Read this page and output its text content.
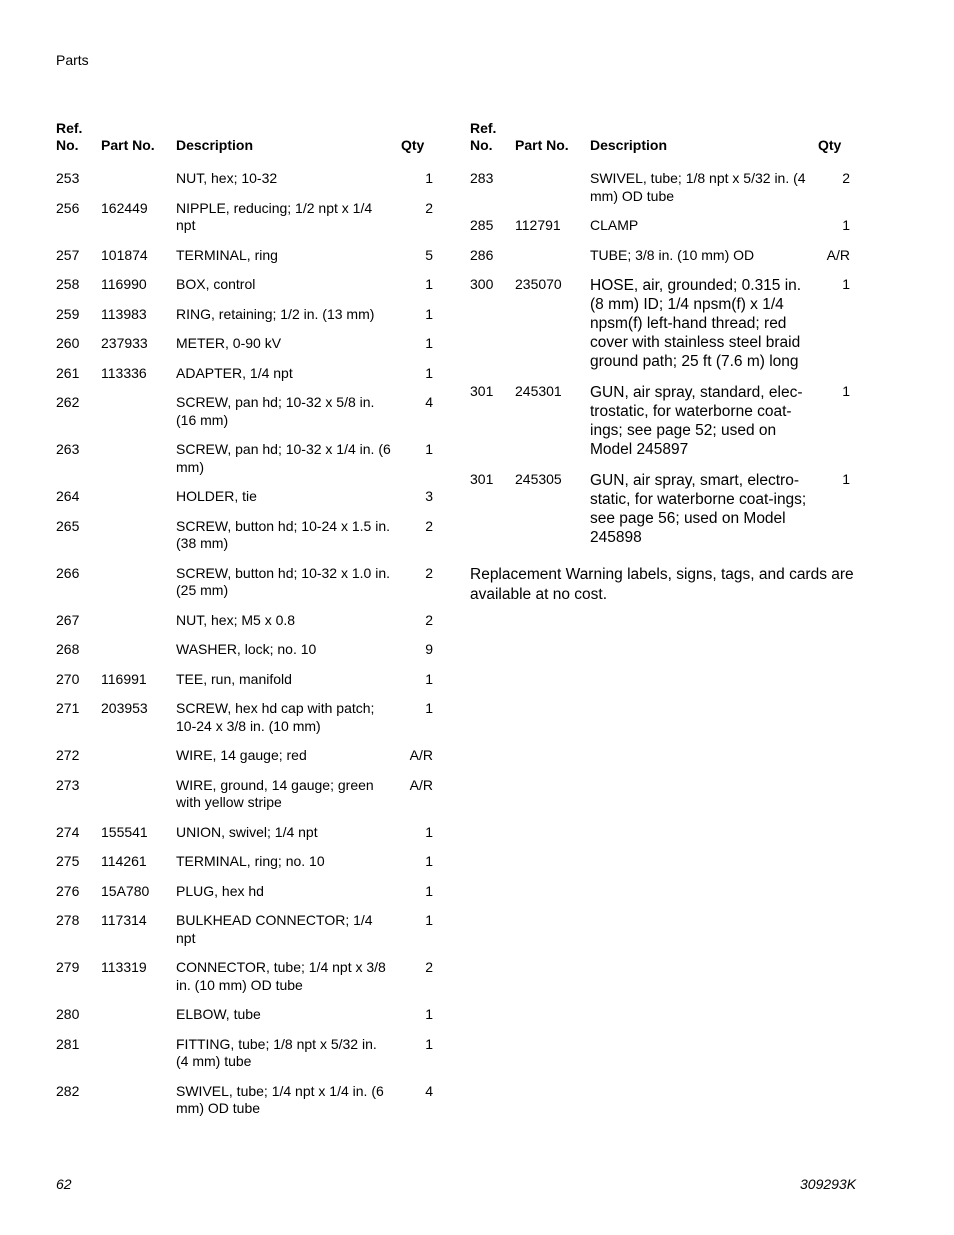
Parts
Ref. No.	Part No.	Description	Qty
253		NUT, hex; 10-32	1
256	162449	NIPPLE, reducing; 1/2 npt x 1/4 npt	2
257	101874	TERMINAL, ring	5
258	116990	BOX, control	1
259	113983	RING, retaining; 1/2 in. (13 mm)	1
260	237933	METER, 0-90 kV	1
261	113336	ADAPTER, 1/4 npt	1
262		SCREW, pan hd; 10-32 x 5/8 in. (16 mm)	4
263		SCREW, pan hd; 10-32 x 1/4 in. (6 mm)	1
264		HOLDER, tie	3
265		SCREW, button hd; 10-24 x 1.5 in. (38 mm)	2
266		SCREW, button hd; 10-32 x 1.0 in. (25 mm)	2
267		NUT, hex; M5 x 0.8	2
268		WASHER, lock; no. 10	9
270	116991	TEE, run, manifold	1
271	203953	SCREW, hex hd cap with patch; 10-24 x 3/8 in. (10 mm)	1
272		WIRE, 14 gauge; red	A/R
273		WIRE, ground, 14 gauge; green with yellow stripe	A/R
274	155541	UNION, swivel; 1/4 npt	1
275	114261	TERMINAL, ring; no. 10	1
276	15A780	PLUG, hex hd	1
278	117314	BULKHEAD CONNECTOR; 1/4 npt	1
279	113319	CONNECTOR, tube; 1/4 npt x 3/8 in. (10 mm) OD tube	2
280		ELBOW, tube	1
281		FITTING, tube; 1/8 npt x 5/32 in. (4 mm) tube	1
282		SWIVEL, tube; 1/4 npt x 1/4 in. (6 mm) OD tube	4
Ref. No.	Part No.	Description	Qty
283		SWIVEL, tube; 1/8 npt x 5/32 in. (4 mm) OD tube	2
285	112791	CLAMP	1
286		TUBE; 3/8 in. (10 mm) OD	A/R
300	235070	HOSE, air, grounded; 0.315 in. (8 mm) ID; 1/4 npsm(f) x 1/4 npsm(f) left-hand thread; red cover with stainless steel braid ground path; 25 ft (7.6 m) long	1
301	245301	GUN, air spray, standard, elec-trostatic, for waterborne coat-ings; see page 52; used on Model 245897	1
301	245305	GUN, air spray, smart, electro-static, for waterborne coat-ings; see page 56; used on Model 245898	1
Replacement Warning labels, signs, tags, and cards are available at no cost.
62	309293K
